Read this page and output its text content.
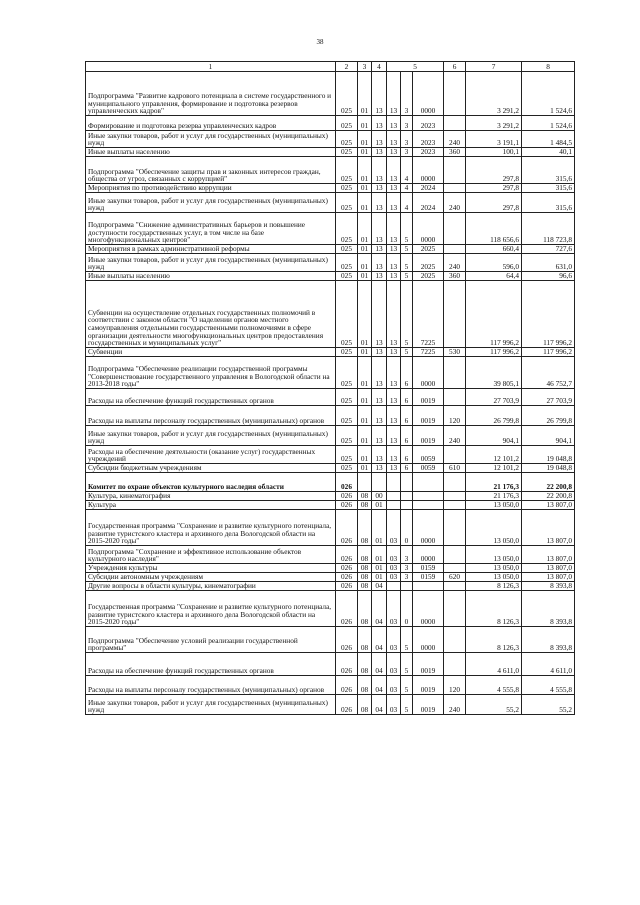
38
1	2	3	4	5			6	7	8
Подпрограмма "Развитие кадрового потенциала в системе государственного и муниципального управления, формирование и подготовка резервов управленческих кадров"	025	01	13	13	3	0000		3 291,2	1 524,6
Формирование и подготовка резерва управленческих кадров	025	01	13	13	3	2023		3 291,2	1 524,6
Иные закупки товаров, работ и услуг для государственных (муниципальных) нужд	025	01	13	13	3	2023	240	3 191,1	1 484,5
Иные выплаты населению	025	01	13	13	3	2023	360	100,1	40,1
Подпрограмма "Обеспечение защиты прав и законных интересов граждан, общества от угроз, связанных с коррупцией"	025	01	13	13	4	0000		297,8	315,6
Мероприятия по противодействию коррупции	025	01	13	13	4	2024		297,8	315,6
Иные закупки товаров, работ и услуг для государственных (муниципальных) нужд	025	01	13	13	4	2024	240	297,8	315,6
Подпрограмма "Снижение административных барьеров и повышение доступности государственных услуг, в том числе на базе многофункциональных центров"	025	01	13	13	5	0000		118 656,6	118 723,8
Мероприятия в рамках административной реформы	025	01	13	13	5	2025		660,4	727,6
Иные закупки товаров, работ и услуг для государственных (муниципальных) нужд	025	01	13	13	5	2025	240	596,0	631,0
Иные выплаты населению	025	01	13	13	5	2025	360	64,4	96,6
Субвенции на осуществление отдельных государственных полномочий в соответствии с законом области "О наделении органов местного самоуправления отдельными государственными полномочиями в сфере организации деятельности многофункциональных центров предоставления государственных и муниципальных услуг"	025	01	13	13	5	7225		117 996,2	117 996,2
Субвенции	025	01	13	13	5	7225	530	117 996,2	117 996,2
Подпрограмма "Обеспечение реализации государственной программы "Совершенствование государственного управления в Вологодской области на 2013-2018 годы"	025	01	13	13	6	0000		39 805,1	46 752,7
Расходы на обеспечение функций государственных органов	025	01	13	13	6	0019		27 703,9	27 703,9
Расходы на выплаты персоналу государственных (муниципальных) органов	025	01	13	13	6	0019	120	26 799,8	26 799,8
Иные закупки товаров, работ и услуг для государственных (муниципальных) нужд	025	01	13	13	6	0019	240	904,1	904,1
Расходы на обеспечение деятельности (оказание услуг) государственных учреждений	025	01	13	13	6	0059		12 101,2	19 048,8
Субсидии бюджетным учреждениям	025	01	13	13	6	0059	610	12 101,2	19 048,8
Комитет по охране объектов культурного наследия области	026							21 176,3	22 200,8
Культура, кинематография	026	08	00					21 176,3	22 200,8
Культура	026	08	01					13 050,0	13 807,0
Государственная программа "Сохранение и развитие культурного потенциала, развитие туристского кластера и архивного дела Вологодской области на 2015-2020 годы"	026	08	01	03	0	0000		13 050,0	13 807,0
Подпрограмма "Сохранение и эффективное использование объектов культурного наследия"	026	08	01	03	3	0000		13 050,0	13 807,0
Учреждения культуры	026	08	01	03	3	0159		13 050,0	13 807,0
Субсидии автономным учреждениям	026	08	01	03	3	0159	620	13 050,0	13 807,0
Другие вопросы в области культуры, кинематографии	026	08	04					8 126,3	8 393,8
Государственная программа "Сохранение и развитие культурного потенциала, развитие туристского кластера и архивного дела Вологодской области на 2015-2020 годы"	026	08	04	03	0	0000		8 126,3	8 393,8
Подпрограмма "Обеспечение условий реализации государственной программы"	026	08	04	03	5	0000		8 126,3	8 393,8
Расходы на обеспечение функций государственных органов	026	08	04	03	5	0019		4 611,0	4 611,0
Расходы на выплаты персоналу государственных (муниципальных) органов	026	08	04	03	5	0019	120	4 555,8	4 555,8
Иные закупки товаров, работ и услуг для государственных (муниципальных) нужд	026	08	04	03	5	0019	240	55,2	55,2
